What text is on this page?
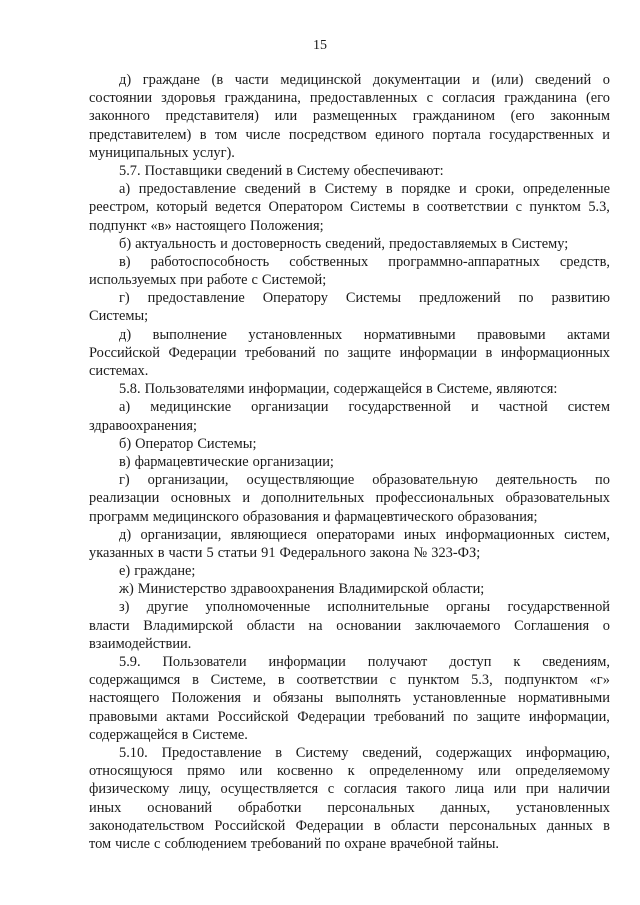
15
д) граждане (в части медицинской документации и (или) сведений о
состоянии здоровья гражданина, предоставленных с согласия гражданина (его
законного представителя) или размещенных гражданином (его законным
представителем) в том числе посредством единого портала государственных и
муниципальных услуг).
5.7. Поставщики сведений в Систему обеспечивают:
а) предоставление сведений в Систему в порядке и сроки, определенные
реестром, который ведется Оператором Системы в соответствии с пунктом 5.3,
подпункт «в» настоящего Положения;
б) актуальность и достоверность сведений, предоставляемых в Систему;
в) работоспособность собственных программно-аппаратных средств,
используемых при работе с Системой;
г) предоставление Оператору Системы предложений по развитию
Системы;
д) выполнение установленных нормативными правовыми актами
Российской Федерации требований по защите информации в информационных
системах.
5.8. Пользователями информации, содержащейся в Системе, являются:
а) медицинские организации государственной и частной систем
здравоохранения;
б) Оператор Системы;
в) фармацевтические организации;
г) организации, осуществляющие образовательную деятельность по
реализации основных и дополнительных профессиональных образовательных
программ медицинского образования и фармацевтического образования;
д) организации, являющиеся операторами иных информационных систем,
указанных в части 5 статьи 91 Федерального закона № 323-ФЗ;
е) граждане;
ж) Министерство здравоохранения Владимирской области;
з) другие уполномоченные исполнительные органы государственной
власти Владимирской области на основании заключаемого Соглашения о
взаимодействии.
5.9. Пользователи информации получают доступ к сведениям,
содержащимся в Системе, в соответствии с пунктом 5.3, подпунктом «г»
настоящего Положения и обязаны выполнять установленные нормативными
правовыми актами Российской Федерации требований по защите информации,
содержащейся в Системе.
5.10. Предоставление в Систему сведений, содержащих информацию,
относящуюся прямо или косвенно к определенному или определяемому
физическому лицу, осуществляется с согласия такого лица или при наличии
иных оснований обработки персональных данных, установленных
законодательством Российской Федерации в области персональных данных в
том числе с соблюдением требований по охране врачебной тайны.
